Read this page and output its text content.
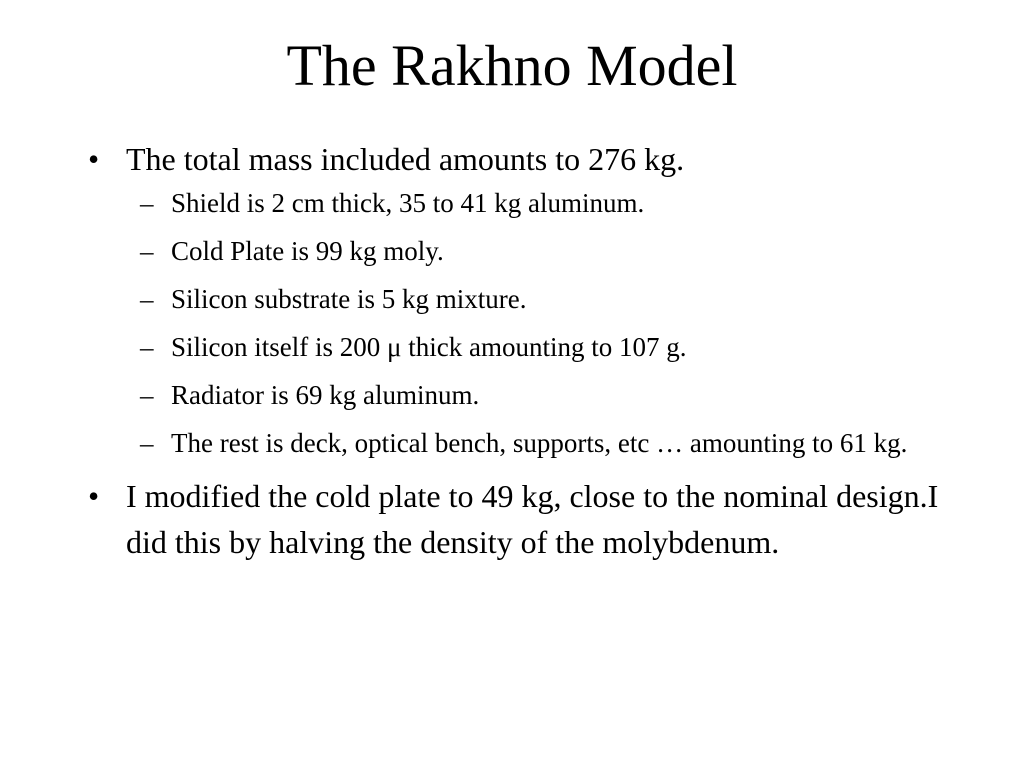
The Rakhno Model
• The total mass included amounts to 276 kg.
– Shield is 2 cm thick, 35 to 41 kg aluminum.
– Cold Plate is 99 kg moly.
– Silicon substrate is 5 kg mixture.
– Silicon itself is 200 μ thick amounting to 107 g.
– Radiator is 69 kg aluminum.
– The rest is deck, optical bench, supports, etc … amounting to 61 kg.
• I modified the cold plate to 49 kg, close to the nominal design.I did this by halving the density of the molybdenum.
